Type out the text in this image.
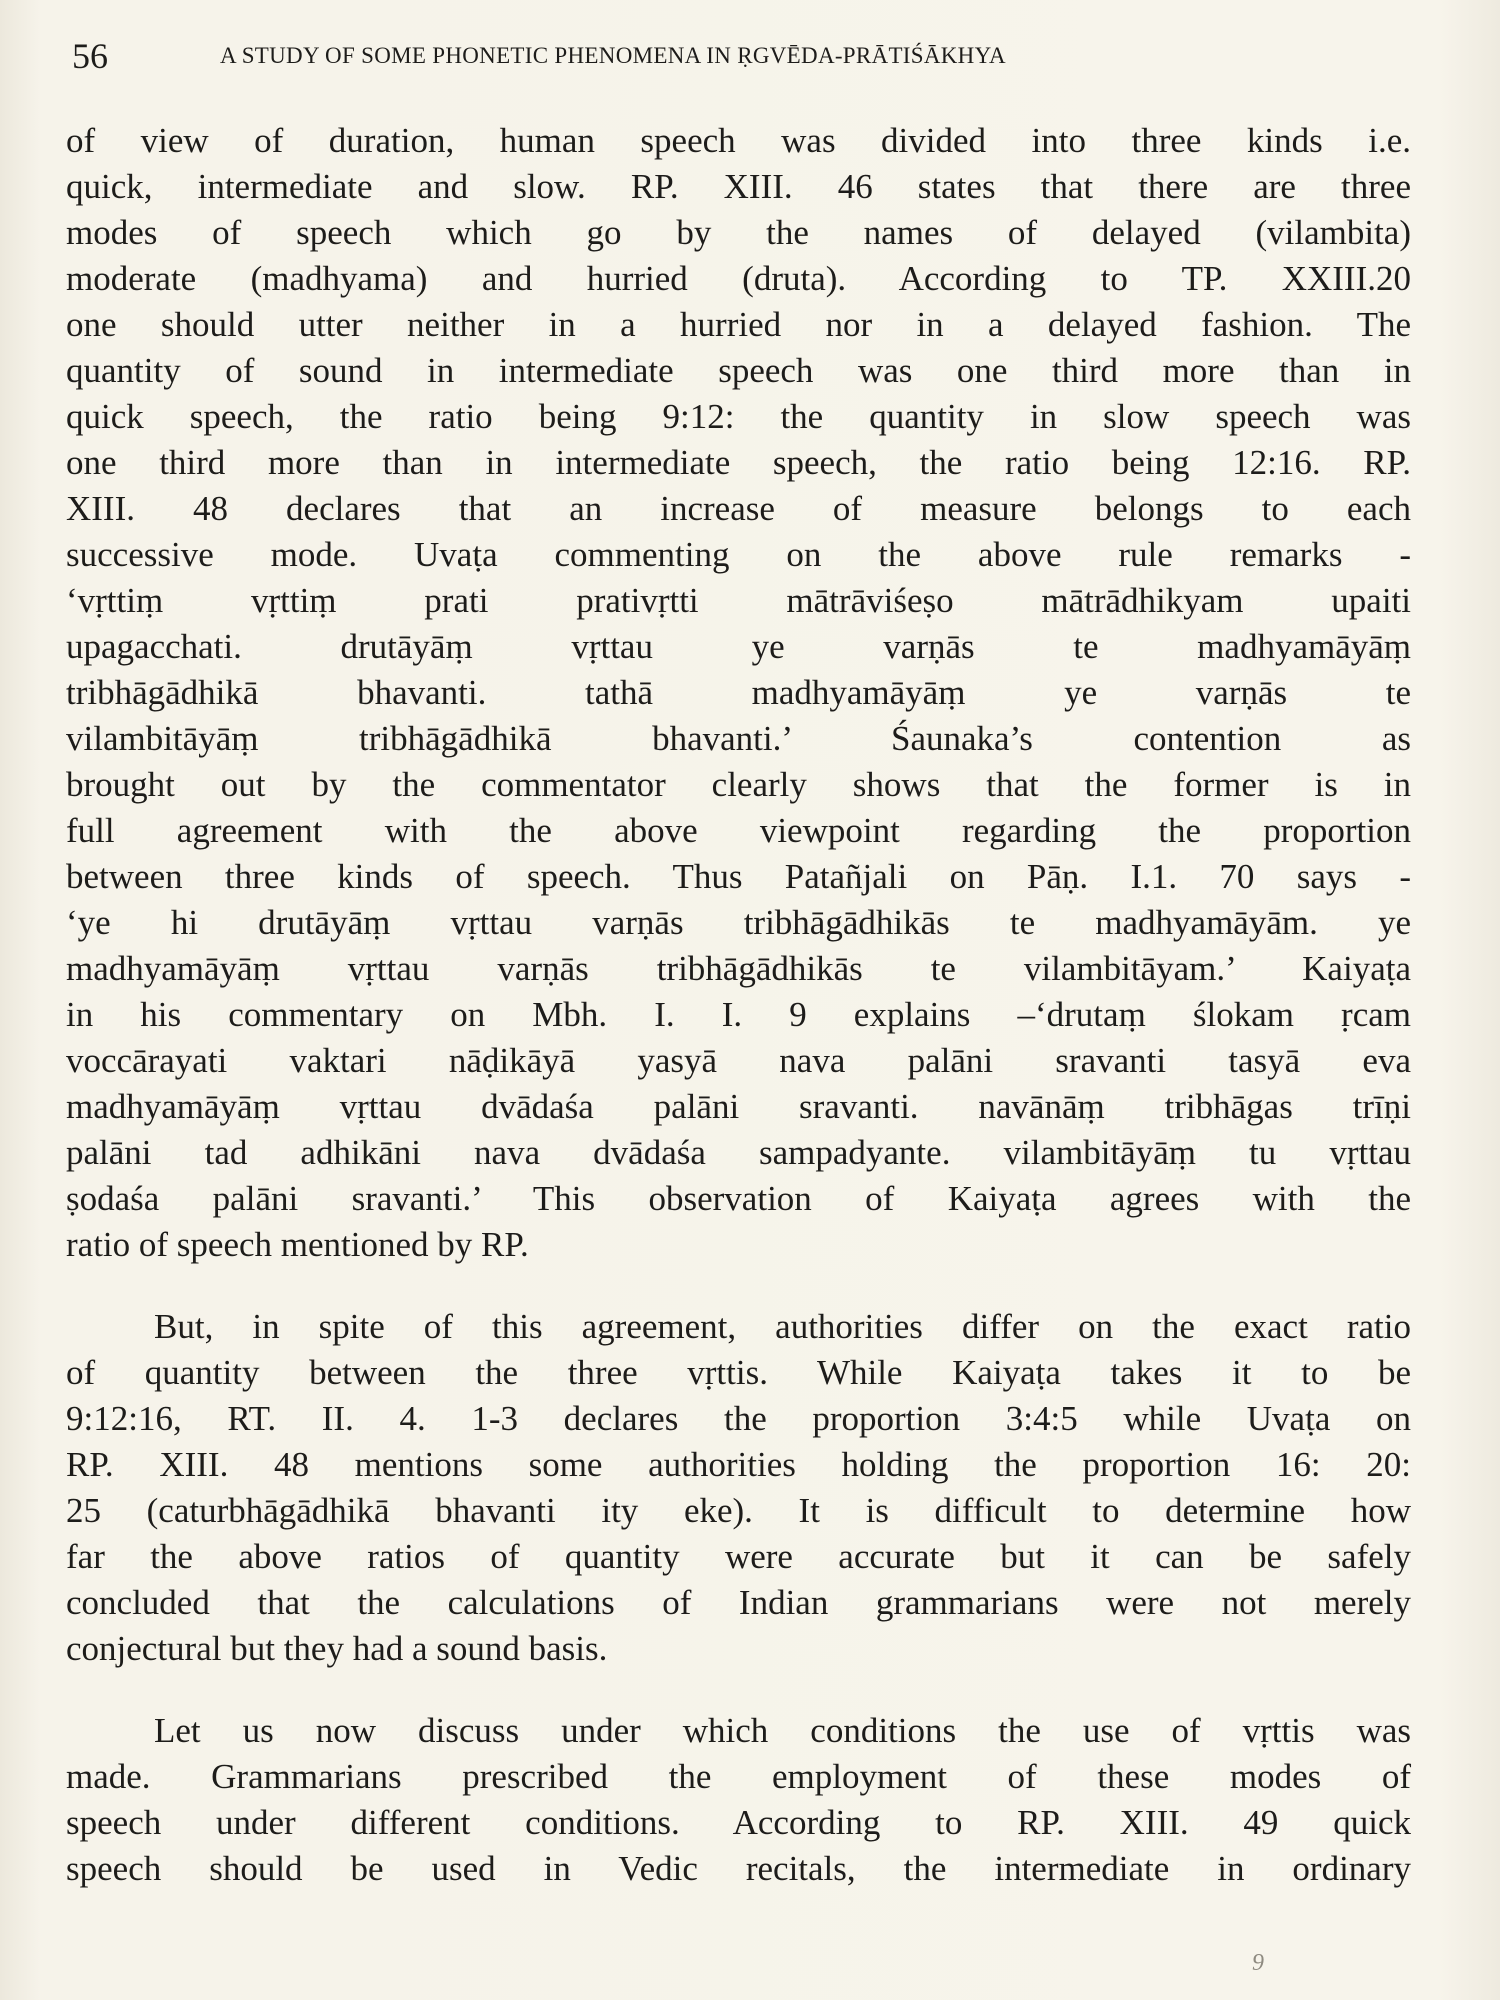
56	A STUDY OF SOME PHONETIC PHENOMENA IN ṚGVĒDA-PRĀTIŚĀKHYA

of view of duration, human speech was divided into three kinds i.e.
quick, intermediate and slow. RP. XIII. 46 states that there are three
modes of speech which go by the names of delayed (vilambita)
moderate (madhyama) and hurried (druta). According to TP. XXIII.20
one should utter neither in a hurried nor in a delayed fashion. The
quantity of sound in intermediate speech was one third more than in
quick speech, the ratio being 9:12: the quantity in slow speech was
one third more than in intermediate speech, the ratio being 12:16. RP.
XIII. 48 declares that an increase of measure belongs to each
successive mode. Uvaṭa commenting on the above rule remarks -
‘vṛttiṃ vṛttiṃ prati prativṛtti mātrāviśeṣo mātrādhikyam upaiti
upagacchati. drutāyāṃ vṛttau ye varṇās te madhyamāyāṃ
tribhāgādhikā bhavanti. tathā madhyamāyāṃ ye varṇās te
vilambitāyāṃ tribhāgādhikā bhavanti.’ Śaunaka’s contention as
brought out by the commentator clearly shows that the former is in
full agreement with the above viewpoint regarding the proportion
between three kinds of speech. Thus Patañjali on Pāṇ. I.1. 70 says -
‘ye hi drutāyāṃ vṛttau varṇās tribhāgādhikās te madhyamāyām. ye
madhyamāyāṃ vṛttau varṇās tribhāgādhikās te vilambitāyam.’ Kaiyaṭa
in his commentary on Mbh. I. I. 9 explains –‘drutaṃ ślokam ṛcam
voccārayati vaktari nāḍikāyā yasyā nava palāni sravanti tasyā eva
madhyamāyāṃ vṛttau dvādaśa palāni sravanti. navānāṃ tribhāgas trīṇi
palāni tad adhikāni nava dvādaśa sampadyante. vilambitāyāṃ tu vṛttau
ṣodaśa palāni sravanti.’ This observation of Kaiyaṭa agrees with the
ratio of speech mentioned by RP.

But, in spite of this agreement, authorities differ on the exact ratio
of quantity between the three vṛttis. While Kaiyaṭa takes it to be
9:12:16, RT. II. 4. 1-3 declares the proportion 3:4:5 while Uvaṭa on
RP. XIII. 48 mentions some authorities holding the proportion 16: 20:
25 (caturbhāgādhikā bhavanti ity eke). It is difficult to determine how
far the above ratios of quantity were accurate but it can be safely
concluded that the calculations of Indian grammarians were not merely
conjectural but they had a sound basis.

Let us now discuss under which conditions the use of vṛttis was
made. Grammarians prescribed the employment of these modes of
speech under different conditions. According to RP. XIII. 49 quick
speech should be used in Vedic recitals, the intermediate in ordinary

9
